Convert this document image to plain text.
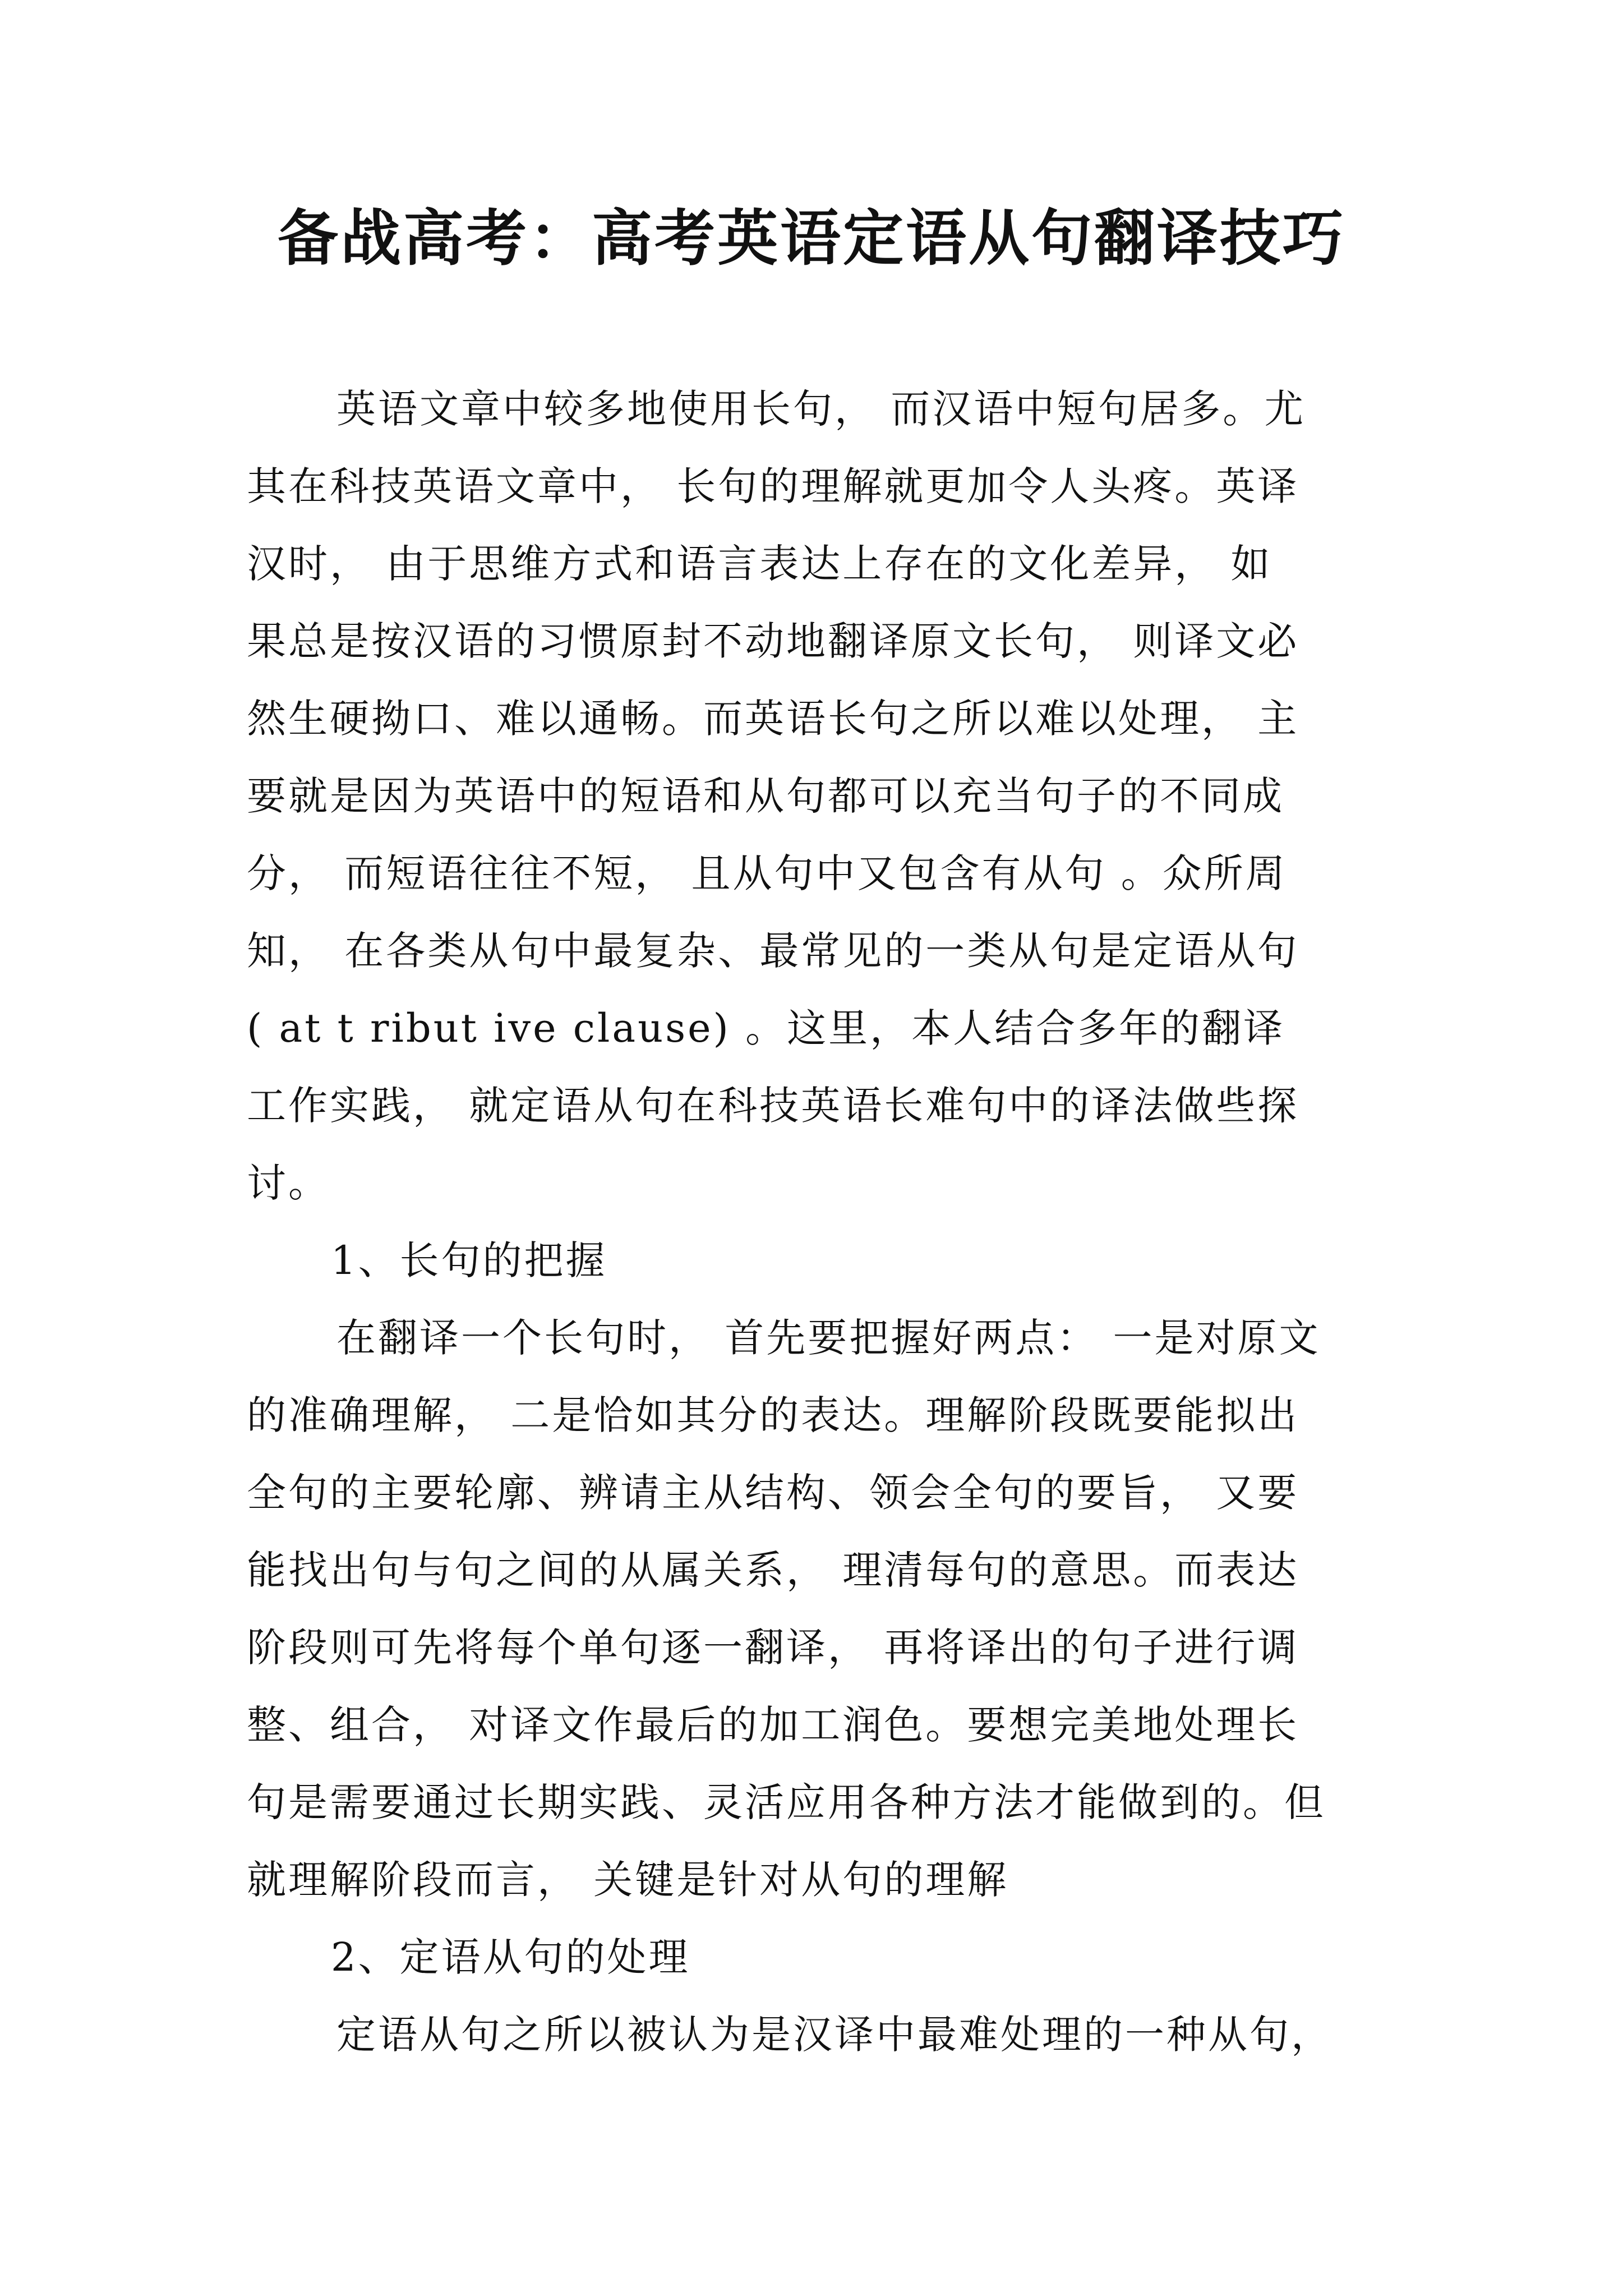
备战高考：高考英语定语从句翻译技巧
英语文章中较多地使用长句， 而汉语中短句居多。尤
其在科技英语文章中， 长句的理解就更加令人头疼。英译
汉时， 由于思维方式和语言表达上存在的文化差异， 如
果总是按汉语的习惯原封不动地翻译原文长句， 则译文必
然生硬拗口、难以通畅。而英语长句之所以难以处理， 主
要就是因为英语中的短语和从句都可以充当句子的不同成
分， 而短语往往不短， 且从句中又包含有从句 。众所周
知， 在各类从句中最复杂、最常见的一类从句是定语从句
( at t ribut ive clause) 。这里，本人结合多年的翻译
工作实践， 就定语从句在科技英语长难句中的译法做些探
讨。
1、长句的把握
在翻译一个长句时， 首先要把握好两点： 一是对原文
的准确理解， 二是恰如其分的表达。理解阶段既要能拟出
全句的主要轮廓、辨请主从结构、领会全句的要旨， 又要
能找出句与句之间的从属关系， 理清每句的意思。而表达
阶段则可先将每个单句逐一翻译， 再将译出的句子进行调
整、组合， 对译文作最后的加工润色。要想完美地处理长
句是需要通过长期实践、灵活应用各种方法才能做到的。但
就理解阶段而言， 关键是针对从句的理解
2、定语从句的处理
定语从句之所以被认为是汉译中最难处理的一种从句，
